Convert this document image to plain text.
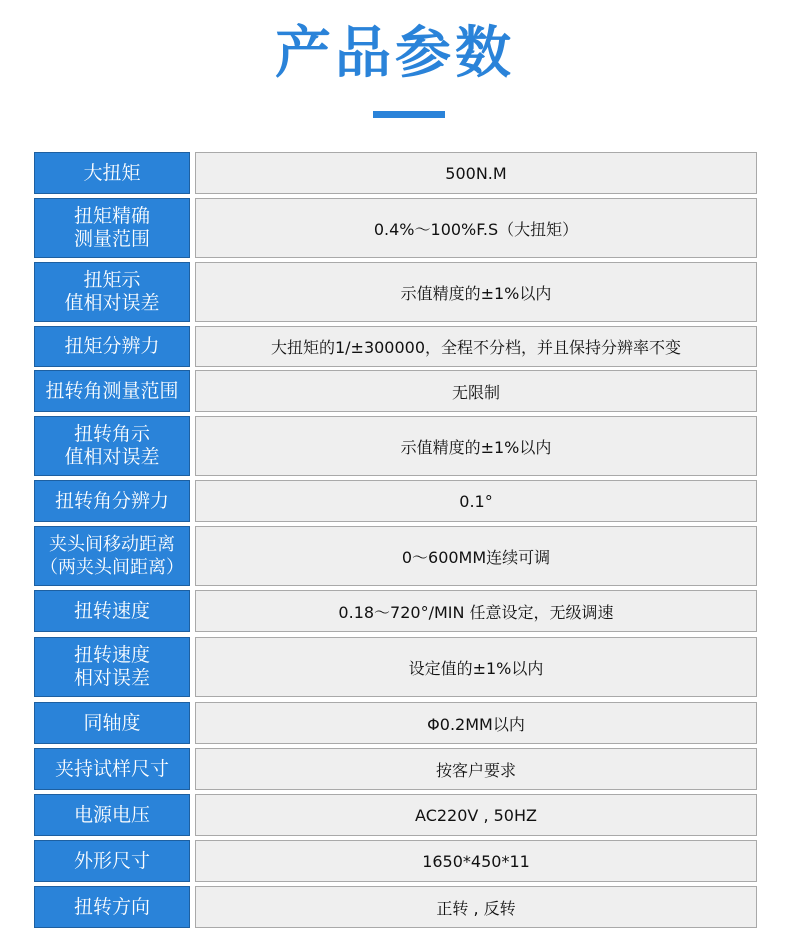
产品参数
大扭矩	500N.M
扭矩精确
测量范围	0.4%～100%F.S（大扭矩）
扭矩示
值相对误差	示值精度的±1%以内
扭矩分辨力	大扭矩的1/±300000，全程不分档，并且保持分辨率不变
扭转角测量范围	无限制
扭转角示
值相对误差	示值精度的±1%以内
扭转角分辨力	0.1°
夹头间移动距离
（两夹头间距离）	0～600MM连续可调
扭转速度	0.18～720°/MIN 任意设定，无级调速
扭转速度
相对误差	设定值的±1%以内
同轴度	Φ0.2MM以内
夹持试样尺寸	按客户要求
电源电压	AC220V , 50HZ
外形尺寸	1650*450*11
扭转方向	正转 , 反转
